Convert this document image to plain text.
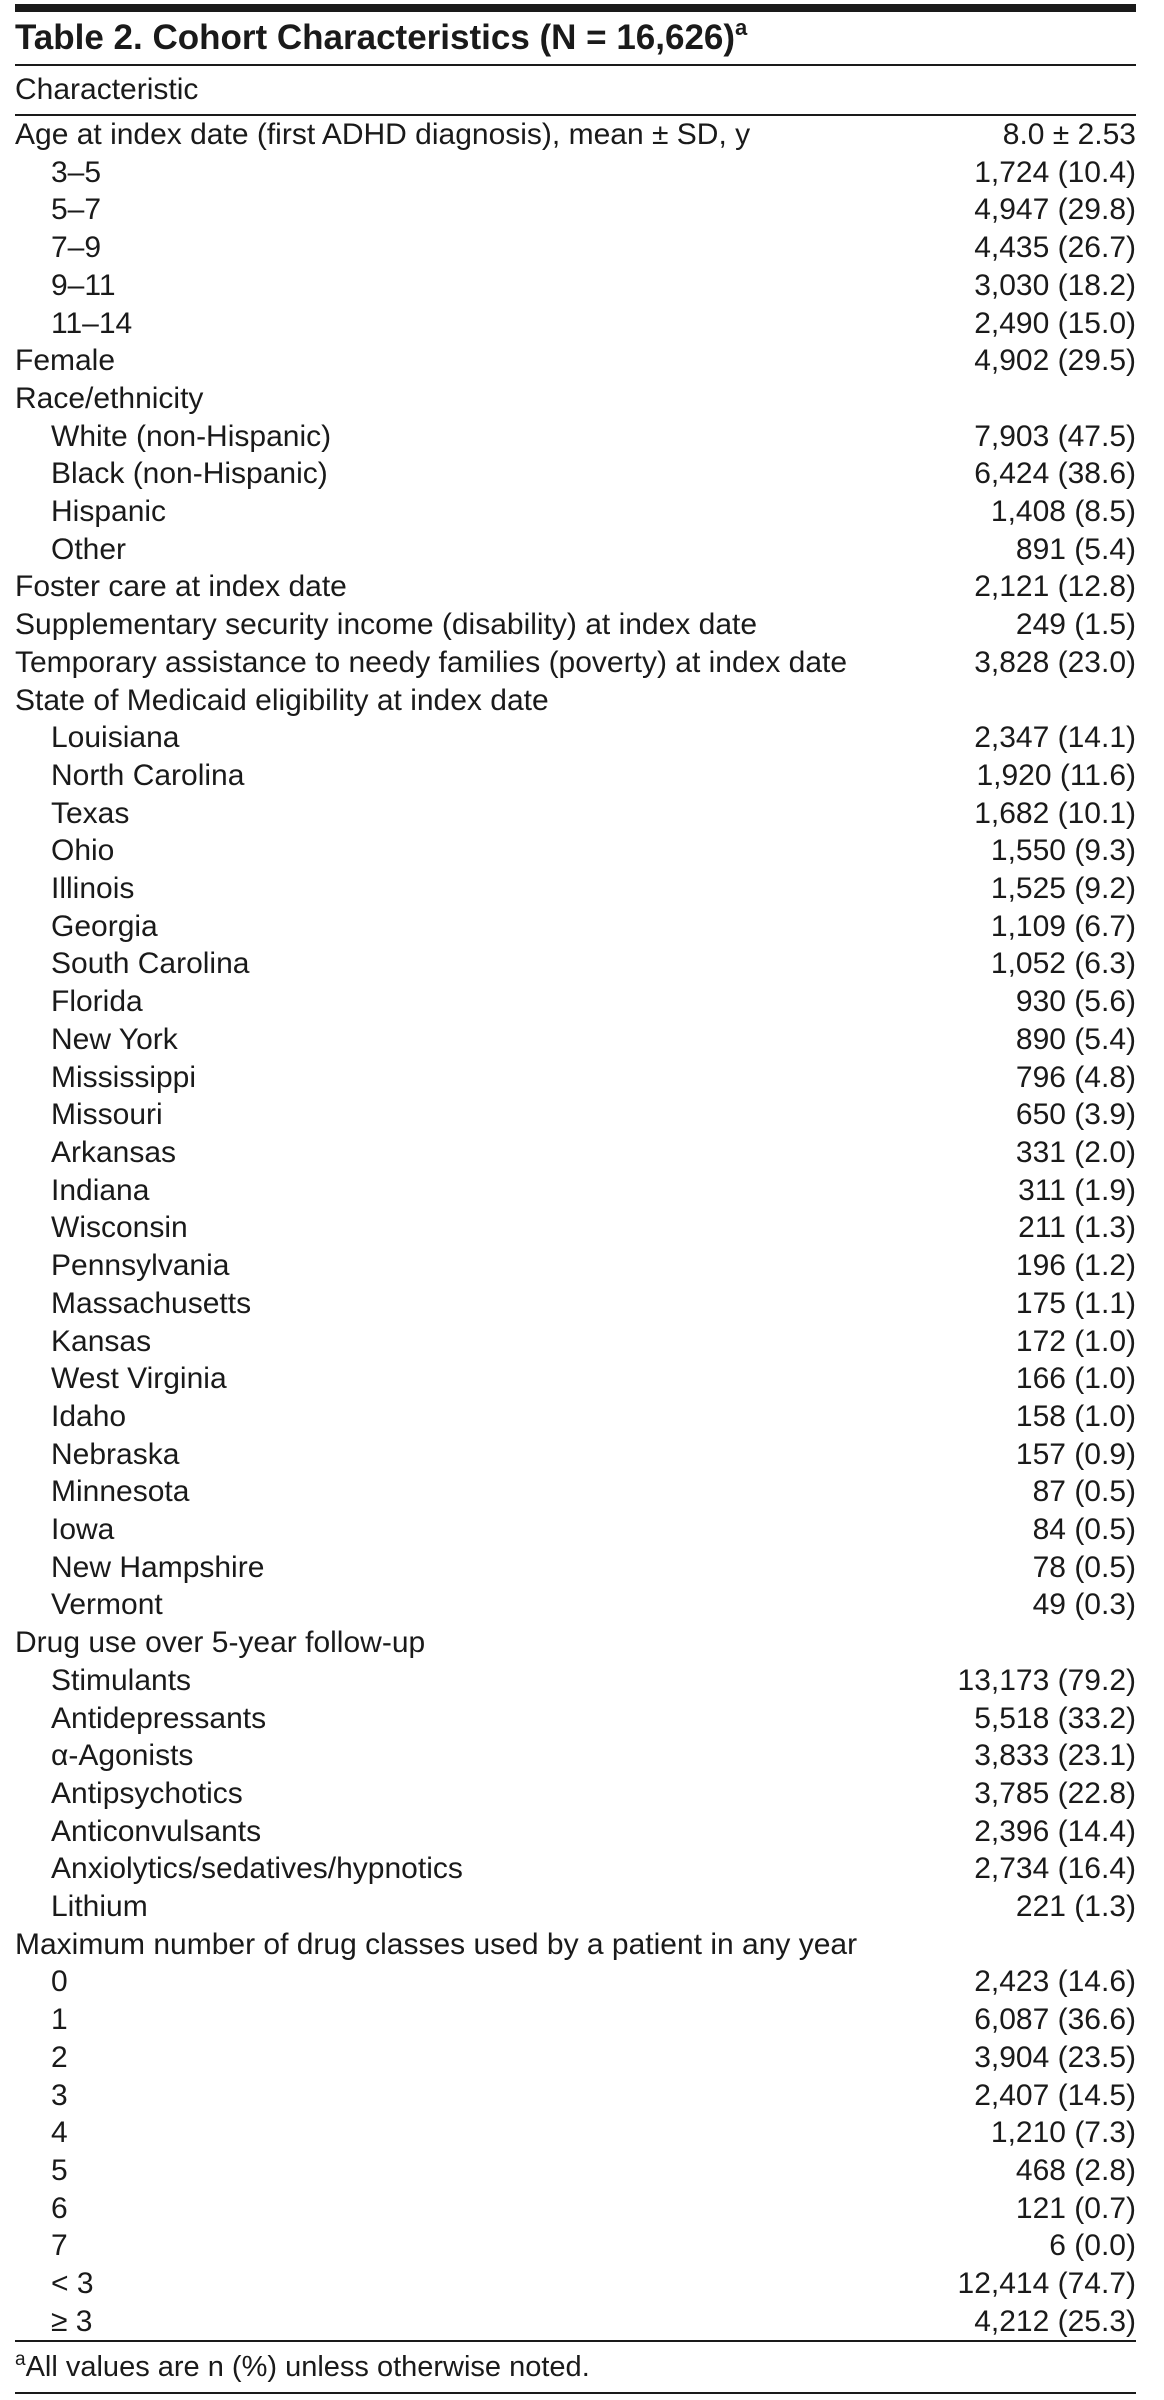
Table 2. Cohort Characteristics (N = 16,626)$^a$
Characteristic
Age at index date (first ADHD diagnosis), mean ± SD, y	8.0 ± 2.53
3–5	1,724 (10.4)
5–7	4,947 (29.8)
7–9	4,435 (26.7)
9–11	3,030 (18.2)
11–14	2,490 (15.0)
Female	4,902 (29.5)
Race/ethnicity	
White (non-Hispanic)	7,903 (47.5)
Black (non-Hispanic)	6,424 (38.6)
Hispanic	1,408 (8.5)
Other	891 (5.4)
Foster care at index date	2,121 (12.8)
Supplementary security income (disability) at index date	249 (1.5)
Temporary assistance to needy families (poverty) at index date	3,828 (23.0)
State of Medicaid eligibility at index date	
Louisiana	2,347 (14.1)
North Carolina	1,920 (11.6)
Texas	1,682 (10.1)
Ohio	1,550 (9.3)
Illinois	1,525 (9.2)
Georgia	1,109 (6.7)
South Carolina	1,052 (6.3)
Florida	930 (5.6)
New York	890 (5.4)
Mississippi	796 (4.8)
Missouri	650 (3.9)
Arkansas	331 (2.0)
Indiana	311 (1.9)
Wisconsin	211 (1.3)
Pennsylvania	196 (1.2)
Massachusetts	175 (1.1)
Kansas	172 (1.0)
West Virginia	166 (1.0)
Idaho	158 (1.0)
Nebraska	157 (0.9)
Minnesota	87 (0.5)
Iowa	84 (0.5)
New Hampshire	78 (0.5)
Vermont	49 (0.3)
Drug use over 5-year follow-up	
Stimulants	13,173 (79.2)
Antidepressants	5,518 (33.2)
α-Agonists	3,833 (23.1)
Antipsychotics	3,785 (22.8)
Anticonvulsants	2,396 (14.4)
Anxiolytics/sedatives/hypnotics	2,734 (16.4)
Lithium	221 (1.3)
Maximum number of drug classes used by a patient in any year	
0	2,423 (14.6)
1	6,087 (36.6)
2	3,904 (23.5)
3	2,407 (14.5)
4	1,210 (7.3)
5	468 (2.8)
6	121 (0.7)
7	6 (0.0)
< 3	12,414 (74.7)
≥ 3	4,212 (25.3)
$^a$All values are n (%) unless otherwise noted.
